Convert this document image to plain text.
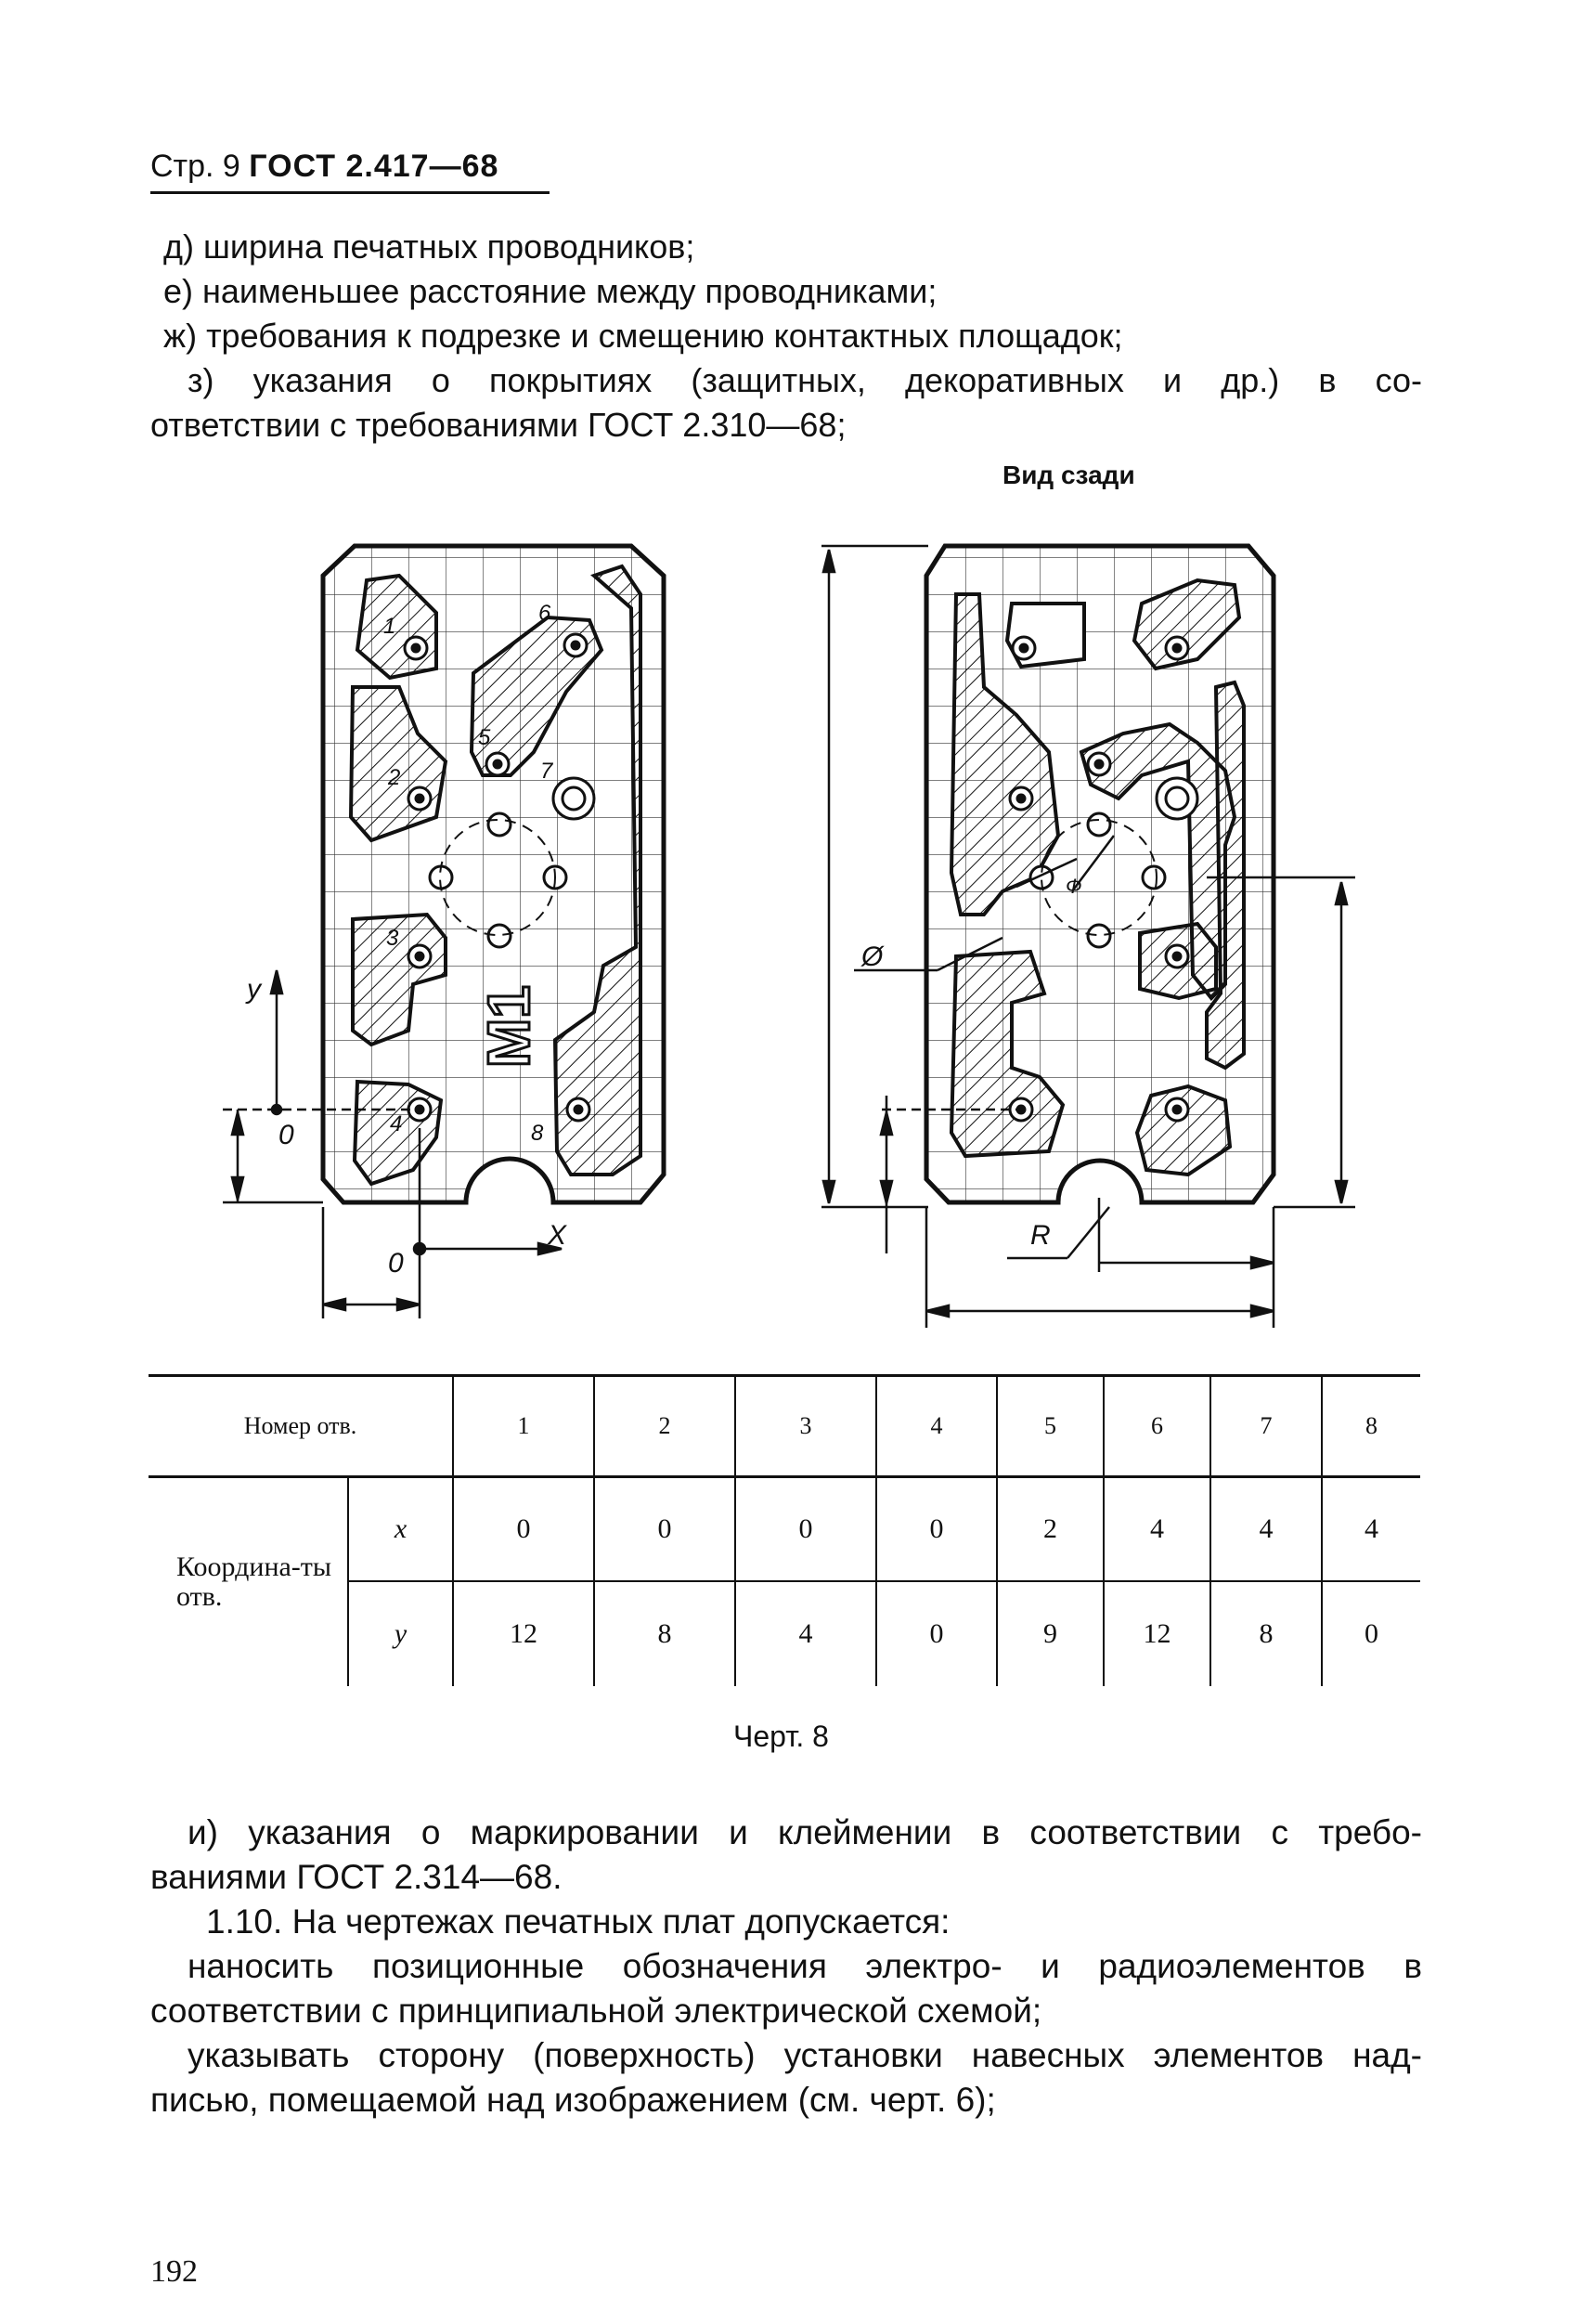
Стр. 9 ГОСТ 2.417—68
д) ширина печатных проводников;
е) наименьшее расстояние между проводниками;
ж) требования к подрезке и смещению контактных площадок;
з) указания о покрытиях (защитных, декоративных и др.) в со-
ответствии с требованиями ГОСТ 2.310—68;
Вид сзади
1
2
3
4
5
6
7
8
М1
y
0
X
0
Ø
Ф
R
Номер отв.		1	2	3	4	5	6	7	8
Координа-ты отв.	x	0	0	0	0	2	4	4	4
	y	12	8	4	0	9	12	8	0
Черт. 8
и) указания о маркировании и клеймении в соответствии с требо-
ваниями ГОСТ 2.314—68.
1.10. На чертежах печатных плат допускается:
наносить позиционные обозначения электро- и радиоэлементов в
соответствии с принципиальной электрической схемой;
указывать сторону (поверхность) установки навесных элементов над-
писью, помещаемой над изображением (см. черт. 6);
192
